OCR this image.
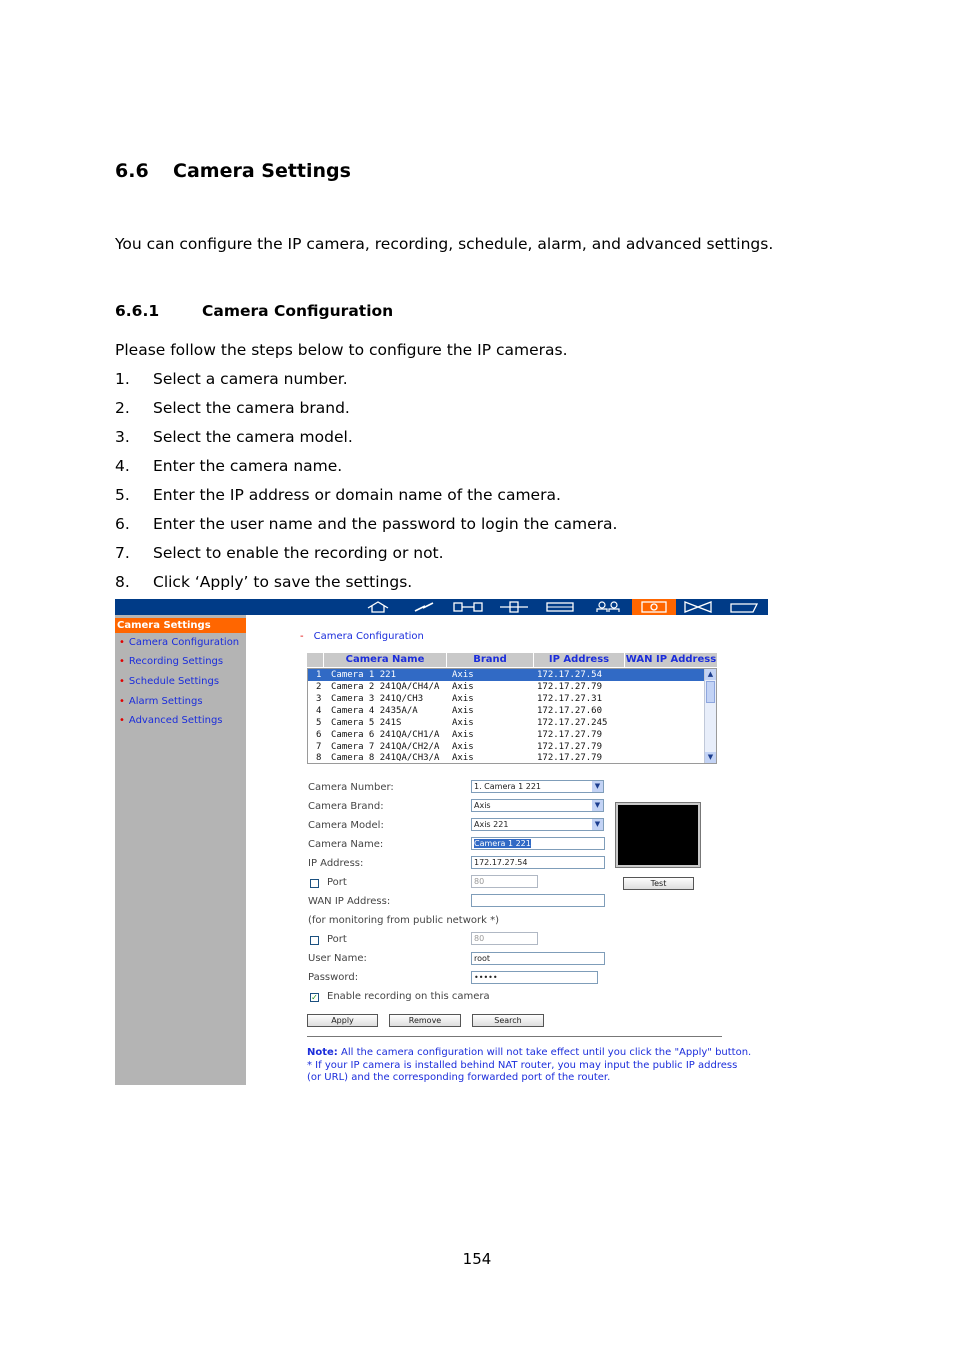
6.6 Camera Settings
You can configure the IP camera, recording, schedule, alarm, and advanced settings.
6.6.1	Camera Configuration
Please follow the steps below to configure the IP cameras.
1. Select a camera number.
2. Select the camera brand.
3. Select the camera model.
4. Enter the camera name.
5. Enter the IP address or domain name of the camera.
6. Enter the user name and the password to login the camera.
7. Select to enable the recording or not.
8. Click ‘Apply’ to save the settings.
Camera Settings
• Camera Configuration
• Recording Settings
• Schedule Settings
• Alarm Settings
• Advanced Settings
- Camera Configuration
Camera Name	Brand	IP Address	WAN IP Address
1 Camera 1 221	Axis	172.17.27.54
2 Camera 2 241QA/CH4/A Axis	172.17.27.79
3 Camera 3 241Q/CH3	Axis	172.17.27.31
4 Camera 4 2435A/A	Axis	172.17.27.60
5 Camera 5 241S	Axis	172.17.27.245
6 Camera 6 241QA/CH1/A Axis	172.17.27.79
7 Camera 7 241QA/CH2/A Axis	172.17.27.79
8 Camera 8 241QA/CH3/A Axis	172.17.27.79
▲
▼
Camera Number:	1. Camera 1 221	▼
Camera Brand:	Axis	▼
Camera Model:	Axis 221	▼
Camera Name:	Camera 1 221
IP Address:	172.17.27.54
Port	80	Test
WAN IP Address:
(for monitoring from public network *)
Port	80
User Name:	root
Password:	•••••
✓ Enable recording on this camera
Apply	Remove	Search
Note: All the camera configuration will not take effect until you click the "Apply" button.
* If your IP camera is installed behind NAT router, you may input the public IP address
(or URL) and the corresponding forwarded port of the router.
154
